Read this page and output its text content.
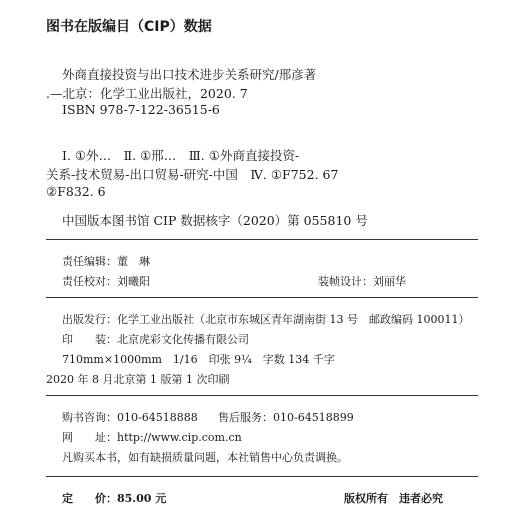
图书在版编目（CIP）数据
外商直接投资与出口技术进步关系研究/邢彦著
.—北京：化学工业出版社，2020. 7
ISBN 978-7-122-36515-6
Ⅰ. ①外…　Ⅱ. ①邢…　Ⅲ. ①外商直接投资-
关系-技术贸易-出口贸易-研究-中国　Ⅳ. ①F752. 67
②F832. 6
中国版本图书馆 CIP 数据核字（2020）第 055810 号
责任编辑：董　琳
责任校对：刘曦阳	装帧设计：刘丽华
出版发行：化学工业出版社（北京市东城区青年湖南街 13 号　邮政编码 100011）
印　　装：北京虎彩文化传播有限公司
710mm×1000mm　1/16　印张 9¼　字数 134 千字
2020 年 8 月北京第 1 版第 1 次印刷
购书咨询：010-64518888 售后服务：010-64518899
网　　址：http://www.cip.com.cn
凡购买本书，如有缺损质量问题，本社销售中心负责调换。
定　　价：85.00 元	版权所有　违者必究
